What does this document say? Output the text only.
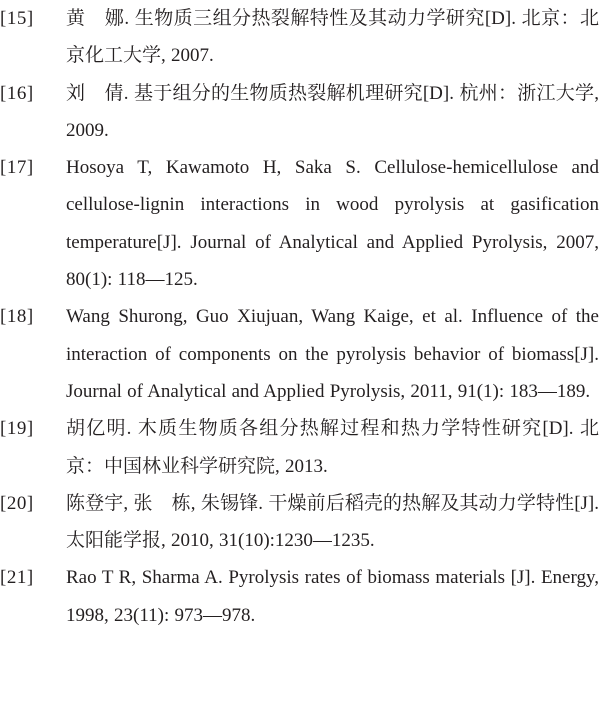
[15]	黄　娜. 生物质三组分热裂解特性及其动力学研究[D]. 北京：北京化工大学, 2007.
[16]	刘　倩. 基于组分的生物质热裂解机理研究[D]. 杭州：浙江大学, 2009.
[17]	Hosoya T, Kawamoto H, Saka S. Cellulose-hemicellulose and cellulose-lignin interactions in wood pyrolysis at gasification temperature[J]. Journal of Analytical and Applied Pyrolysis, 2007, 80(1): 118—125.
[18]	Wang Shurong, Guo Xiujuan, Wang Kaige, et al. Influence of the interaction of components on the pyrolysis behavior of biomass[J]. Journal of Analytical and Applied Pyrolysis, 2011, 91(1): 183—189.
[19]	胡亿明. 木质生物质各组分热解过程和热力学特性研究[D]. 北京：中国林业科学研究院, 2013.
[20]	陈登宇, 张　栋, 朱锡锋. 干燥前后稻壳的热解及其动力学特性[J]. 太阳能学报, 2010, 31(10):1230—1235.
[21]	Rao T R, Sharma A. Pyrolysis rates of biomass materials [J]. Energy, 1998, 23(11): 973—978.
